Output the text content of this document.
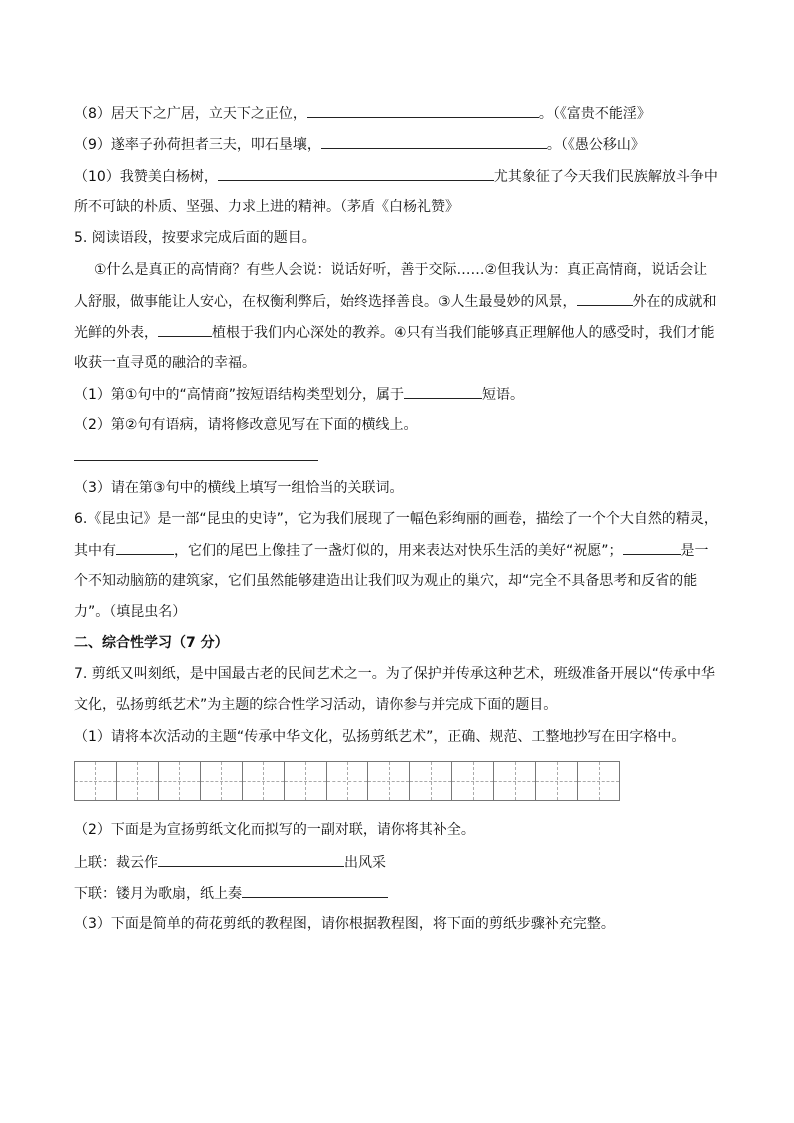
（8）居天下之广居，立天下之正位，	。（《富贵不能淫》
（9）遂率子孙荷担者三夫，叩石垦壤，	。（《愚公移山》
（10）我赞美白杨树，	尤其象征了今天我们民族解放斗争中
所不可缺的朴质、坚强、力求上进的精神。（茅盾《白杨礼赞》
5. 阅读语段，按要求完成后面的题目。
①什么是真正的高情商？有些人会说：说话好听，善于交际……②但我认为：真正高情商，说话会让
人舒服，做事能让人安心，在权衡利弊后，始终选择善良。③人生最曼妙的风景，	外在的成就和
光鲜的外表，	植根于我们内心深处的教养。④只有当我们能够真正理解他人的感受时，我们才能
收获一直寻觅的融洽的幸福。
（1）第①句中的“高情商”按短语结构类型划分，属于	短语。
（2）第②句有语病，请将修改意见写在下面的横线上。
（3）请在第③句中的横线上填写一组恰当的关联词。
6.《昆虫记》是一部“昆虫的史诗”，它为我们展现了一幅色彩绚丽的画卷，描绘了一个个大自然的精灵，
其中有	，它们的尾巴上像挂了一盏灯似的，用来表达对快乐生活的美好“祝愿”；	是一
个不知动脑筋的建筑家，它们虽然能够建造出让我们叹为观止的巢穴，却“完全不具备思考和反省的能
力”。（填昆虫名）
二、综合性学习（7 分）
7. 剪纸又叫刻纸，是中国最古老的民间艺术之一。为了保护并传承这种艺术，班级准备开展以“传承中华
文化，弘扬剪纸艺术”为主题的综合性学习活动，请你参与并完成下面的题目。
（1）请将本次活动的主题“传承中华文化，弘扬剪纸艺术”，正确、规范、工整地抄写在田字格中。
（2）下面是为宣扬剪纸文化而拟写的一副对联，请你将其补全。
上联：裁云作	出风采
下联：镂月为歌扇，纸上奏
（3）下面是简单的荷花剪纸的教程图，请你根据教程图，将下面的剪纸步骤补充完整。
